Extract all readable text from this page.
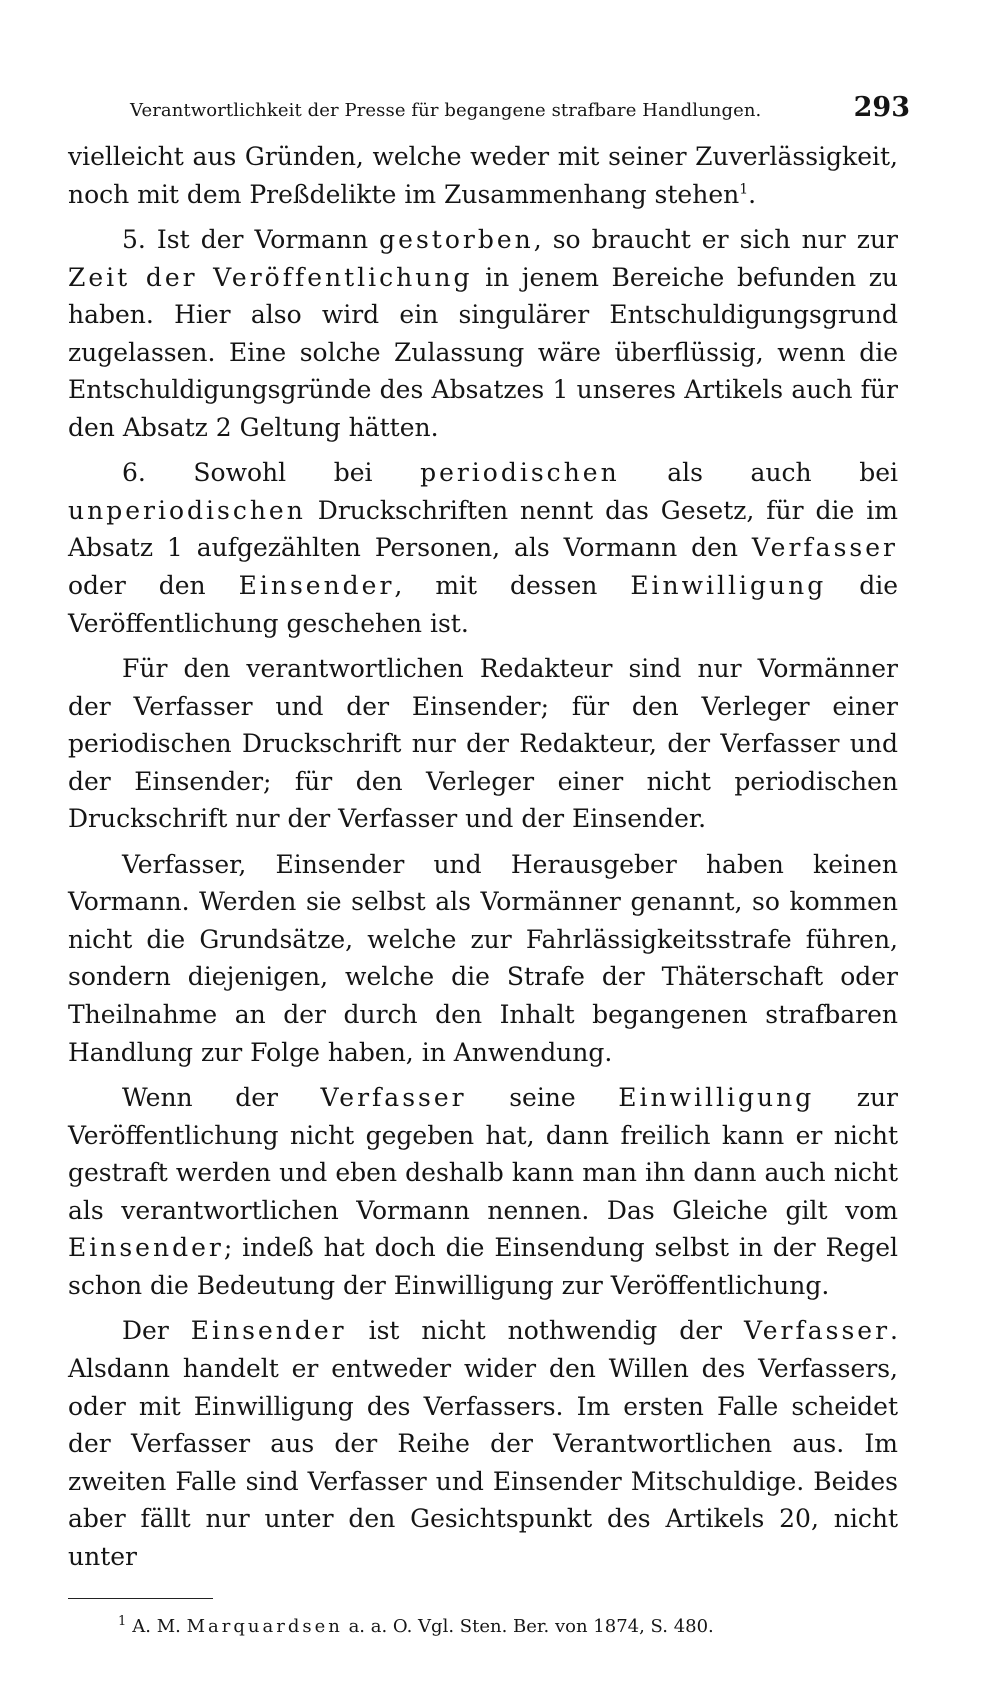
Verantwortlichkeit der Presse für begangene strafbare Handlungen.	293

vielleicht aus Gründen, welche weder mit seiner Zuverlässigkeit, noch mit dem Preßdelikte im Zusammenhang stehen$^1$.

5. Ist der Vormann gestorben, so braucht er sich nur zur Zeit der Veröffentlichung in jenem Bereiche befunden zu haben. Hier also wird ein singulärer Entschuldigungsgrund zugelassen. Eine solche Zulassung wäre überflüssig, wenn die Entschuldigungsgründe des Absatzes 1 unseres Artikels auch für den Absatz 2 Geltung hätten.

6. Sowohl bei periodischen als auch bei unperiodischen Druckschriften nennt das Gesetz, für die im Absatz 1 aufgezählten Personen, als Vormann den Verfasser oder den Einsender, mit dessen Einwilligung die Veröffentlichung geschehen ist.

Für den verantwortlichen Redakteur sind nur Vormänner der Verfasser und der Einsender; für den Verleger einer periodischen Druckschrift nur der Redakteur, der Verfasser und der Einsender; für den Verleger einer nicht periodischen Druckschrift nur der Verfasser und der Einsender.

Verfasser, Einsender und Herausgeber haben keinen Vormann. Werden sie selbst als Vormänner genannt, so kommen nicht die Grundsätze, welche zur Fahrlässigkeitsstrafe führen, sondern diejenigen, welche die Strafe der Thäterschaft oder Theilnahme an der durch den Inhalt begangenen strafbaren Handlung zur Folge haben, in Anwendung.

Wenn der Verfasser seine Einwilligung zur Veröffentlichung nicht gegeben hat, dann freilich kann er nicht gestraft werden und eben deshalb kann man ihn dann auch nicht als verantwortlichen Vormann nennen. Das Gleiche gilt vom Einsender; indeß hat doch die Einsendung selbst in der Regel schon die Bedeutung der Einwilligung zur Veröffentlichung.

Der Einsender ist nicht nothwendig der Verfasser. Alsdann handelt er entweder wider den Willen des Verfassers, oder mit Einwilligung des Verfassers. Im ersten Falle scheidet der Verfasser aus der Reihe der Verantwortlichen aus. Im zweiten Falle sind Verfasser und Einsender Mitschuldige. Beides aber fällt nur unter den Gesichtspunkt des Artikels 20, nicht unter

$^1$ A. M. Marquardsen a. a. O. Vgl. Sten. Ber. von 1874, S. 480.
